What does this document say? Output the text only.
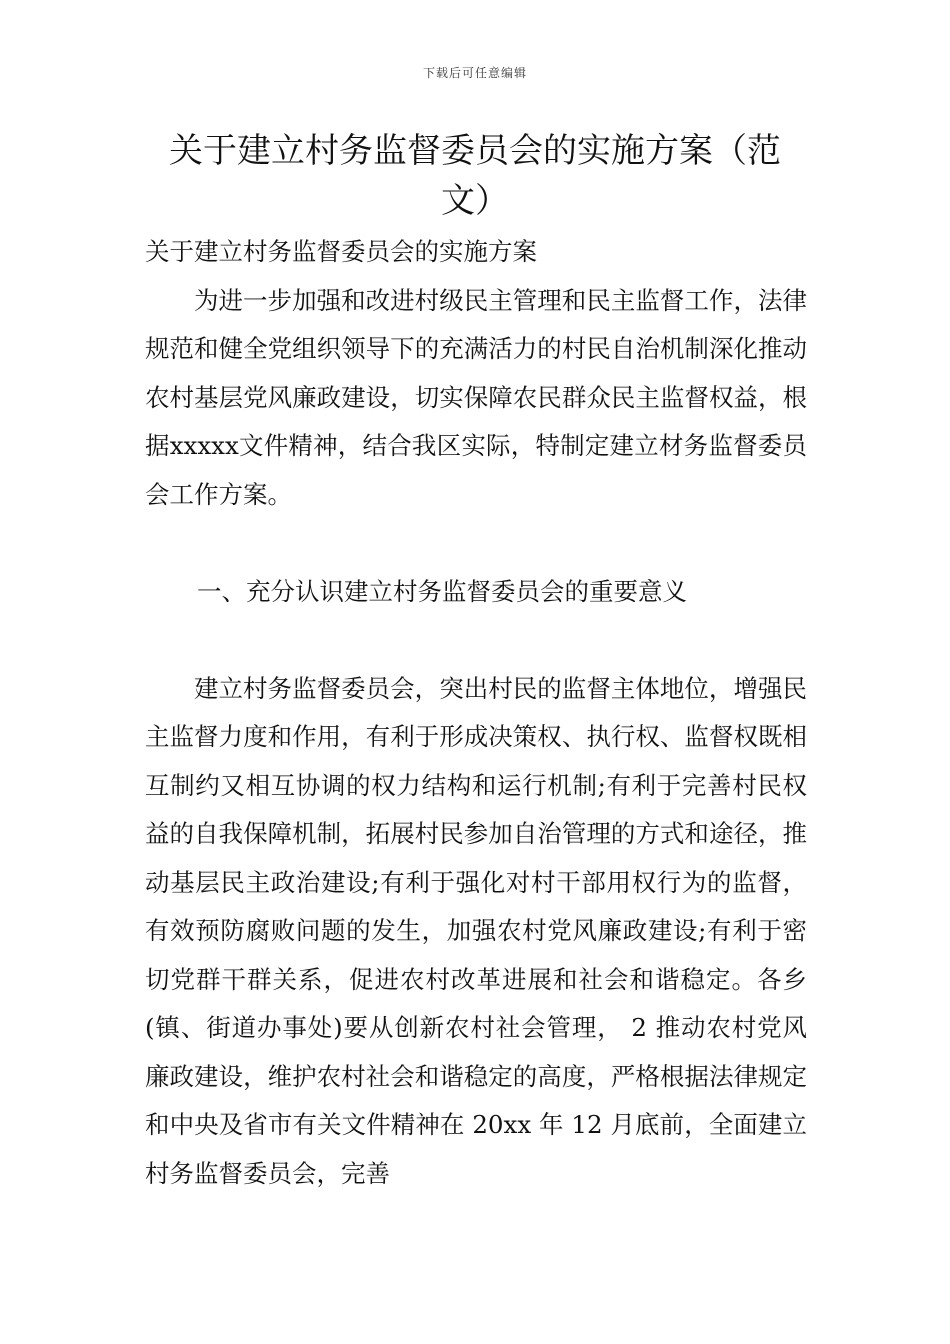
下载后可任意编辑
关于建立村务监督委员会的实施方案（范文）

关于建立村务监督委员会的实施方案

为进一步加强和改进村级民主管理和民主监督工作，法律规范和健全党组织领导下的充满活力的村民自治机制深化推动农村基层党风廉政建设，切实保障农民群众民主监督权益，根据xxxxx文件精神，结合我区实际，特制定建立材务监督委员会工作方案。

一、充分认识建立村务监督委员会的重要意义

建立村务监督委员会，突出村民的监督主体地位，增强民主监督力度和作用，有利于形成决策权、执行权、监督权既相互制约又相互协调的权力结构和运行机制;有利于完善村民权益的自我保障机制，拓展村民参加自治管理的方式和途径，推动基层民主政治建设;有利于强化对村干部用权行为的监督，有效预防腐败问题的发生，加强农村党风廉政建设;有利于密切党群干群关系，促进农村改革进展和社会和谐稳定。各乡(镇、街道办事处)要从创新农村社会管理， 2 推动农村党风廉政建设，维护农村社会和谐稳定的高度，严格根据法律规定和中央及省市有关文件精神在 20xx 年 12 月底前，全面建立村务监督委员会，完善
